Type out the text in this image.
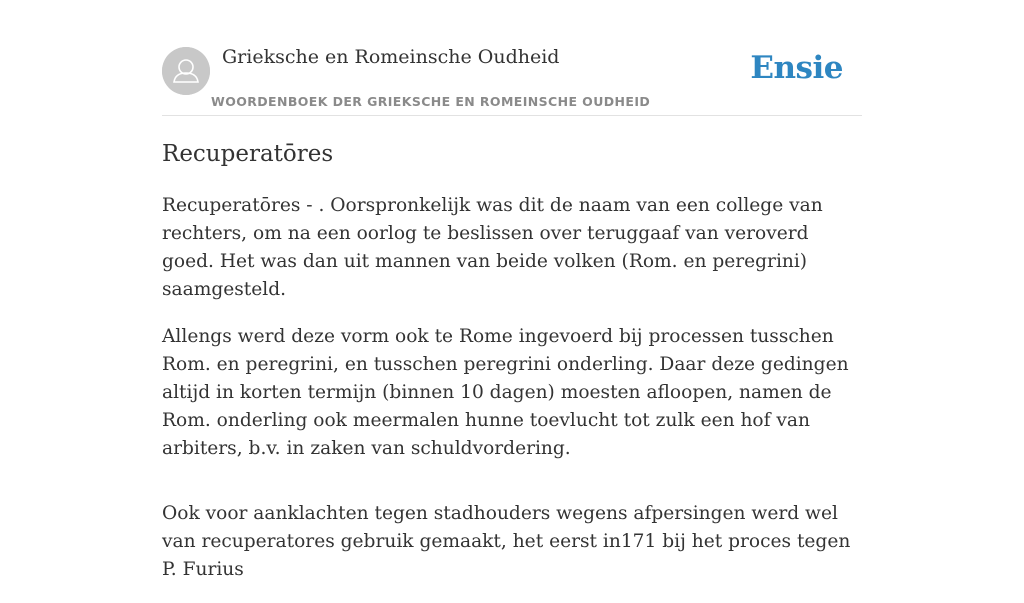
Grieksche en Romeinsche Oudheid
WOORDENBOEK DER GRIEKSCHE EN ROMEINSCHE OUDHEID
Ensie
Recuperatōres

Recuperatōres - . Oorspronkelijk was dit de naam van een college van rechters, om na een oorlog te beslissen over teruggaaf van veroverd goed. Het was dan uit mannen van beide volken (Rom. en peregrini) saamgesteld.

Allengs werd deze vorm ook te Rome ingevoerd bij processen tusschen Rom. en peregrini, en tusschen peregrini onderling. Daar deze gedingen altijd in korten termijn (binnen 10 dagen) moesten afloopen, namen de Rom. onderling ook meermalen hunne toevlucht tot zulk een hof van arbiters, b.v. in zaken van schuldvordering.

Ook voor aanklachten tegen stadhouders wegens afpersingen werd wel van recuperatores gebruik gemaakt, het eerst in171 bij het proces tegen P. Furius
